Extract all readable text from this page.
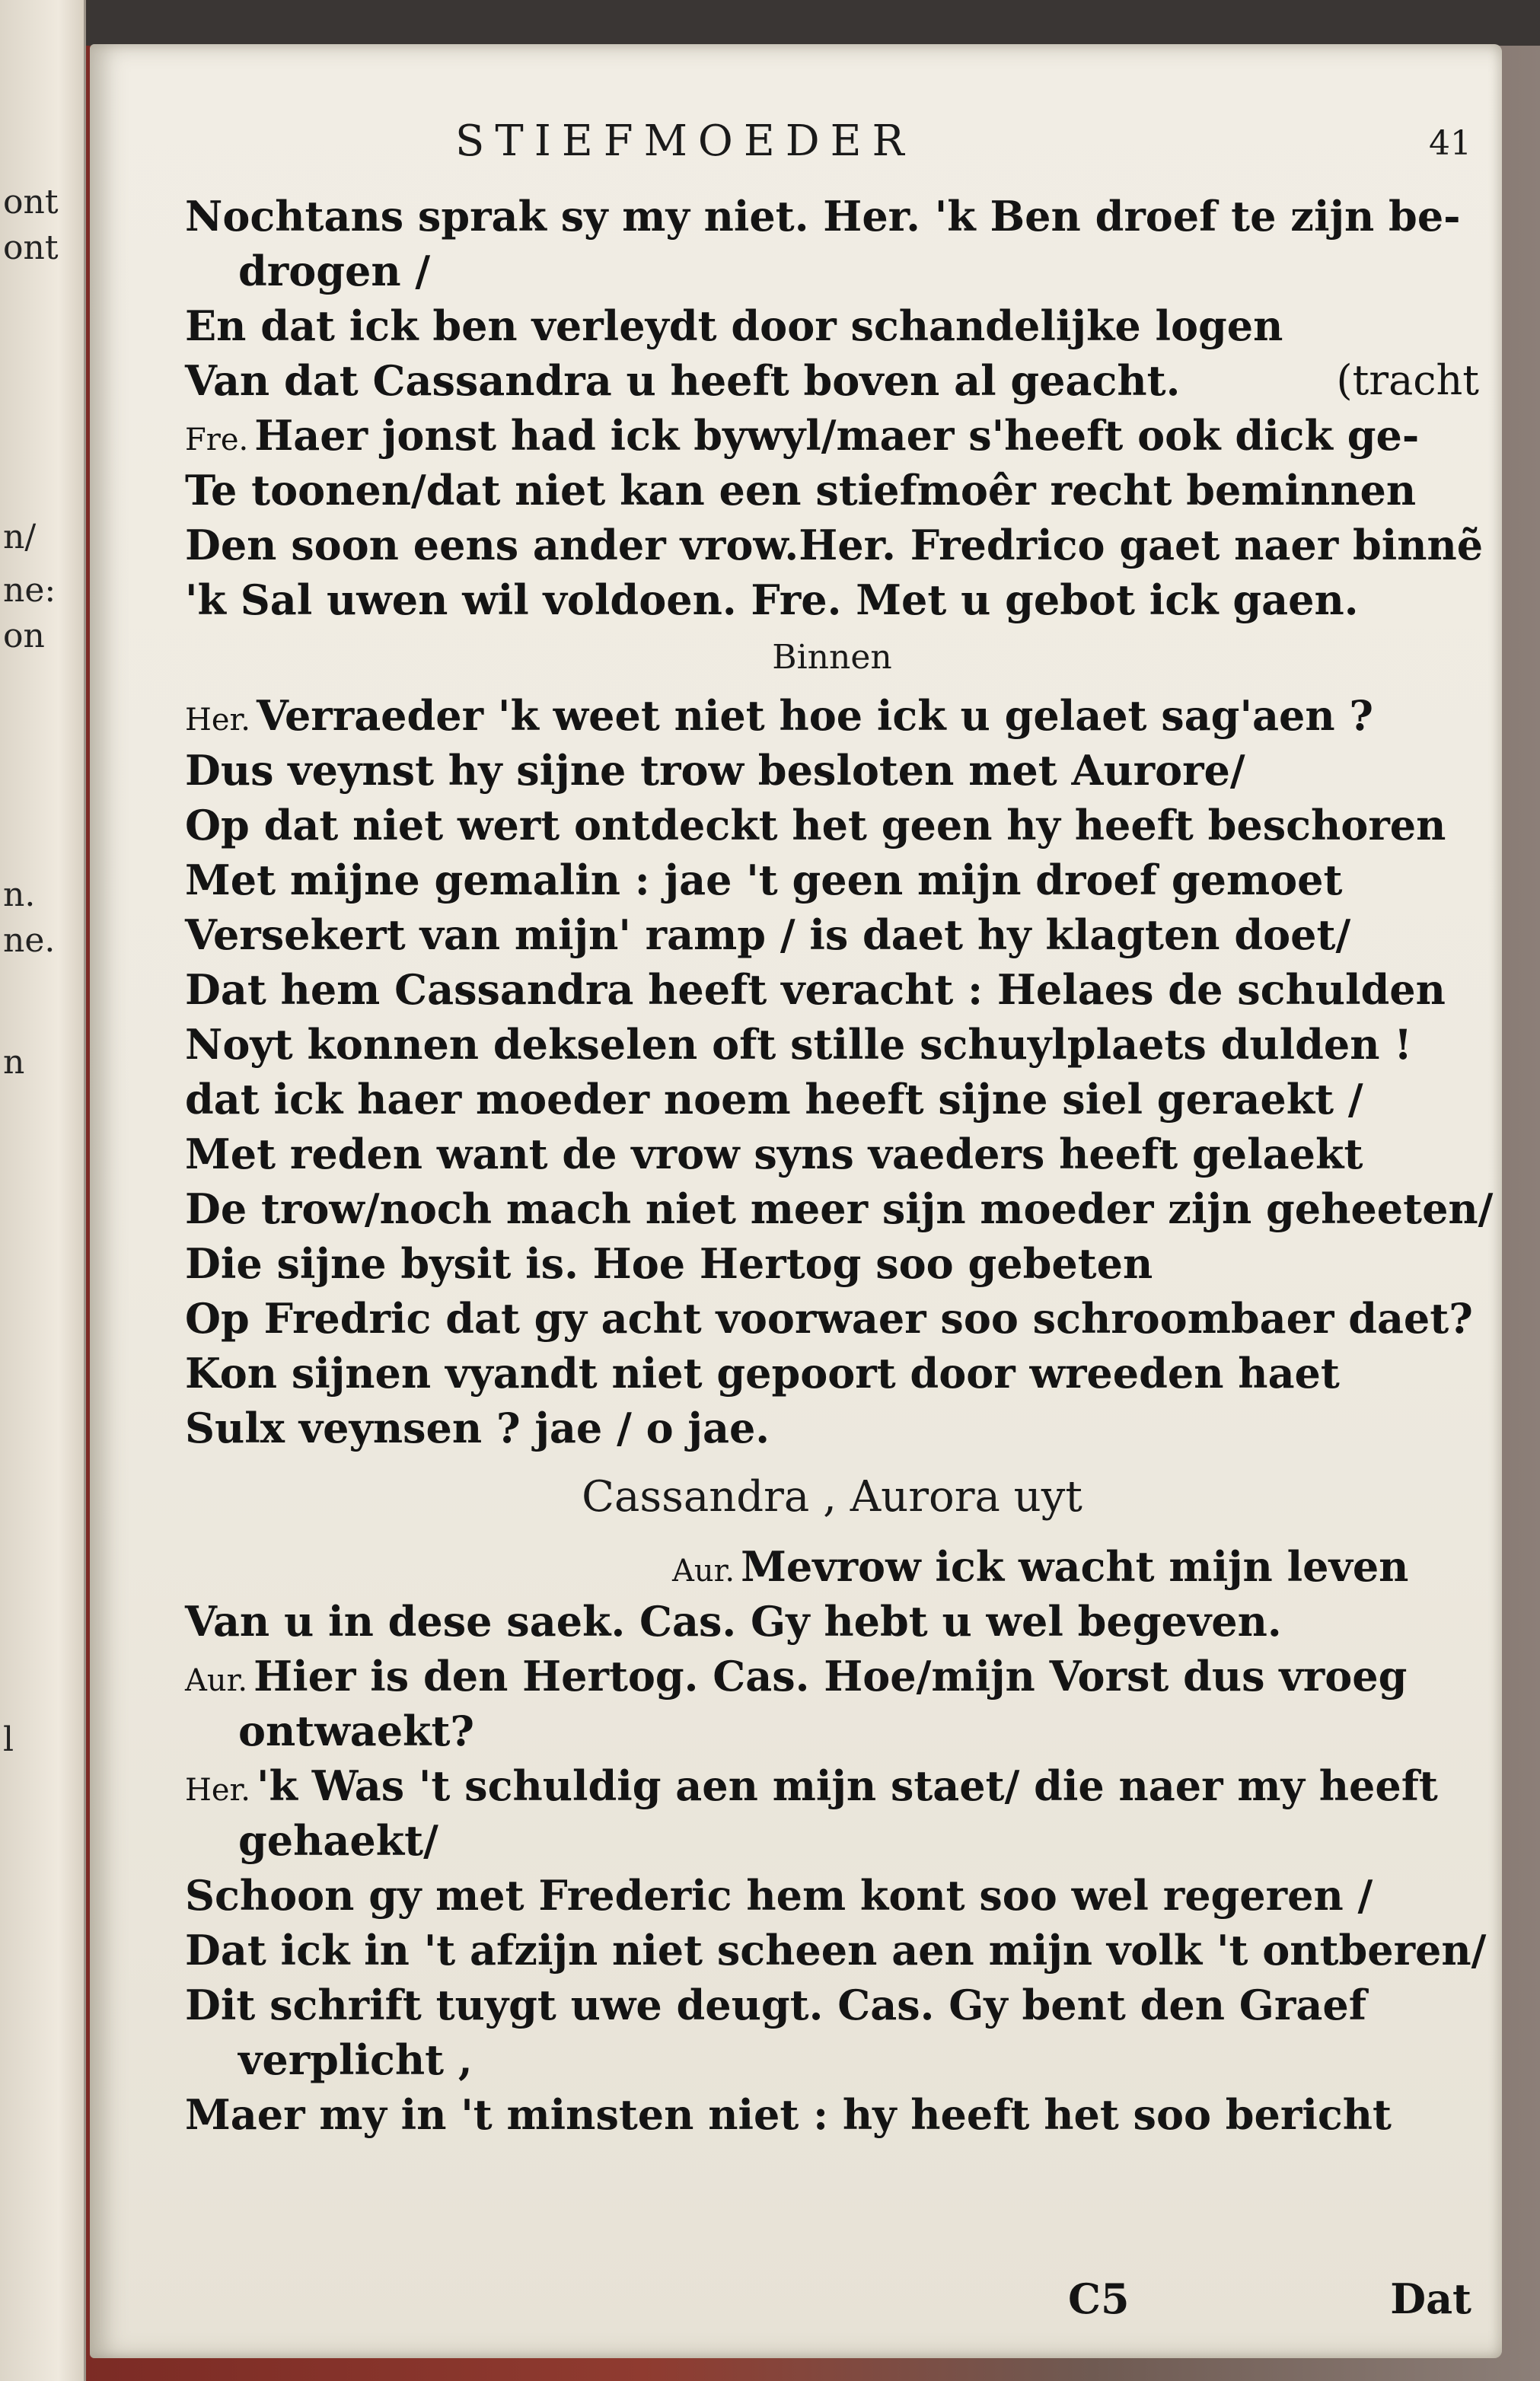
ont
ont
n/
ne:
on
n.
ne.
n
l
STIEFMOEDER	41
Nochtans sprak sy my niet. Her. 'k Ben droef te zijn be-
drogen /
En dat ick ben verleydt door schandelijke logen
Van dat Cassandra u heeft boven al geacht.	(tracht
Fre. Haer jonst had ick bywyl/maer s'heeft ook dick ge-
Te toonen/dat niet kan een stiefmoêr recht beminnen
Den soon eens ander vrow.Her. Fredrico gaet naer binnẽ
'k Sal uwen wil voldoen. Fre. Met u gebot ick gaen.
Binnen
Her. Verraeder 'k weet niet hoe ick u gelaet sag'aen ?
Dus veynst hy sijne trow besloten met Aurore/
Op dat niet wert ontdeckt het geen hy heeft beschoren
Met mijne gemalin : jae 't geen mijn droef gemoet
Versekert van mijn' ramp / is daet hy klagten doet/
Dat hem Cassandra heeft veracht : Helaes de schulden
Noyt konnen dekselen oft stille schuylplaets dulden !
dat ick haer moeder noem heeft sijne siel geraekt /
Met reden want de vrow syns vaeders heeft gelaekt
De trow/noch mach niet meer sijn moeder zijn geheeten/
Die sijne bysit is. Hoe Hertog soo gebeten
Op Fredric dat gy acht voorwaer soo schroombaer daet?
Kon sijnen vyandt niet gepoort door wreeden haet
Sulx veynsen ? jae / o jae.
Cassandra , Aurora uyt
Aur. Mevrow ick wacht mijn leven
Van u in dese saek. Cas. Gy hebt u wel begeven.
Aur. Hier is den Hertog. Cas. Hoe/mijn Vorst dus vroeg
ontwaekt?
Her. 'k Was 't schuldig aen mijn staet/ die naer my heeft
gehaekt/
Schoon gy met Frederic hem kont soo wel regeren /
Dat ick in 't afzijn niet scheen aen mijn volk 't ontberen/
Dit schrift tuygt uwe deugt. Cas. Gy bent den Graef
verplicht ,
Maer my in 't minsten niet : hy heeft het soo bericht
C5	Dat
